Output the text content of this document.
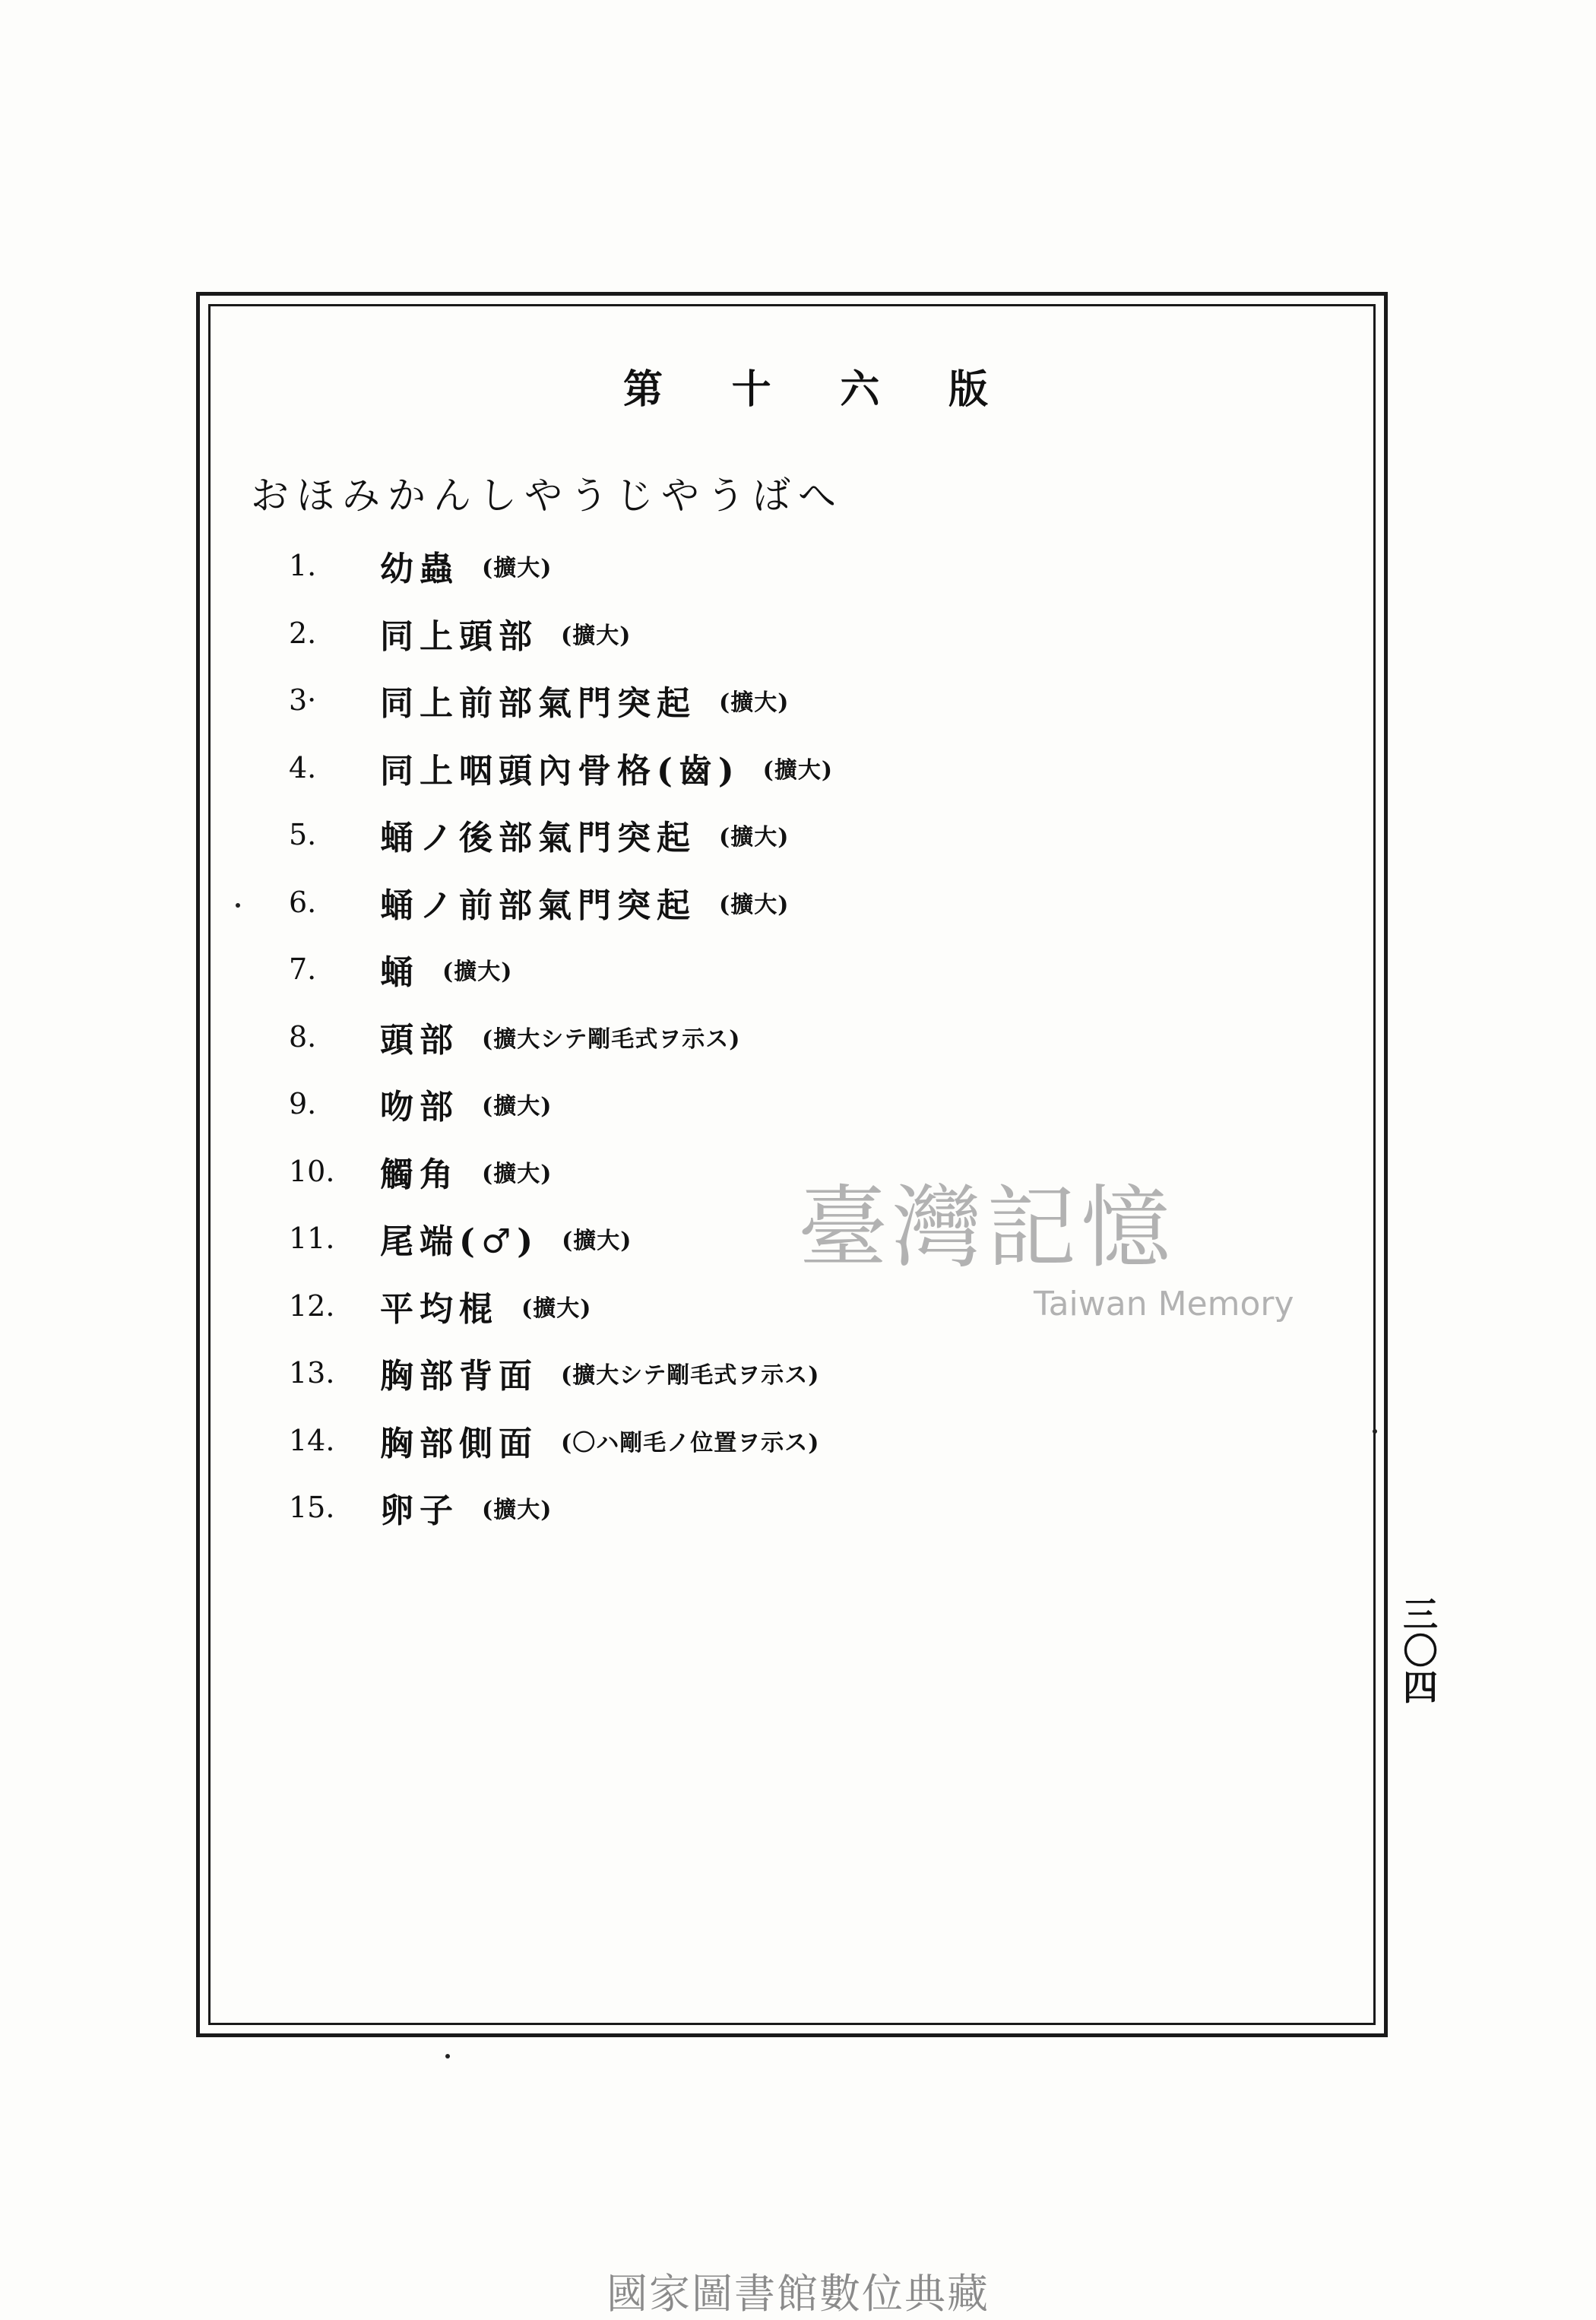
第 十 六 版
おほみかんしやうじやうばへ
1.	幼蟲 (擴大)
2.	同上頭部 (擴大)
3·	同上前部氣門突起 (擴大)
4.	同上咽頭內骨格(齒) (擴大)
5.	蛹ノ後部氣門突起 (擴大)
6.	蛹ノ前部氣門突起 (擴大)
7.	蛹 (擴大)
8.	頭部 (擴大シテ剛毛式ヲ示ス)
9.	吻部 (擴大)
10.	觸角 (擴大)
11.	尾端(♂) (擴大)
12.	平均棍 (擴大)
13.	胸部背面 (擴大シテ剛毛式ヲ示ス)
14.	胸部側面 (〇ハ剛毛ノ位置ヲ示ス)
15.	卵子 (擴大)
三〇四
臺灣記憶
Taiwan Memory
國家圖書館數位典藏
